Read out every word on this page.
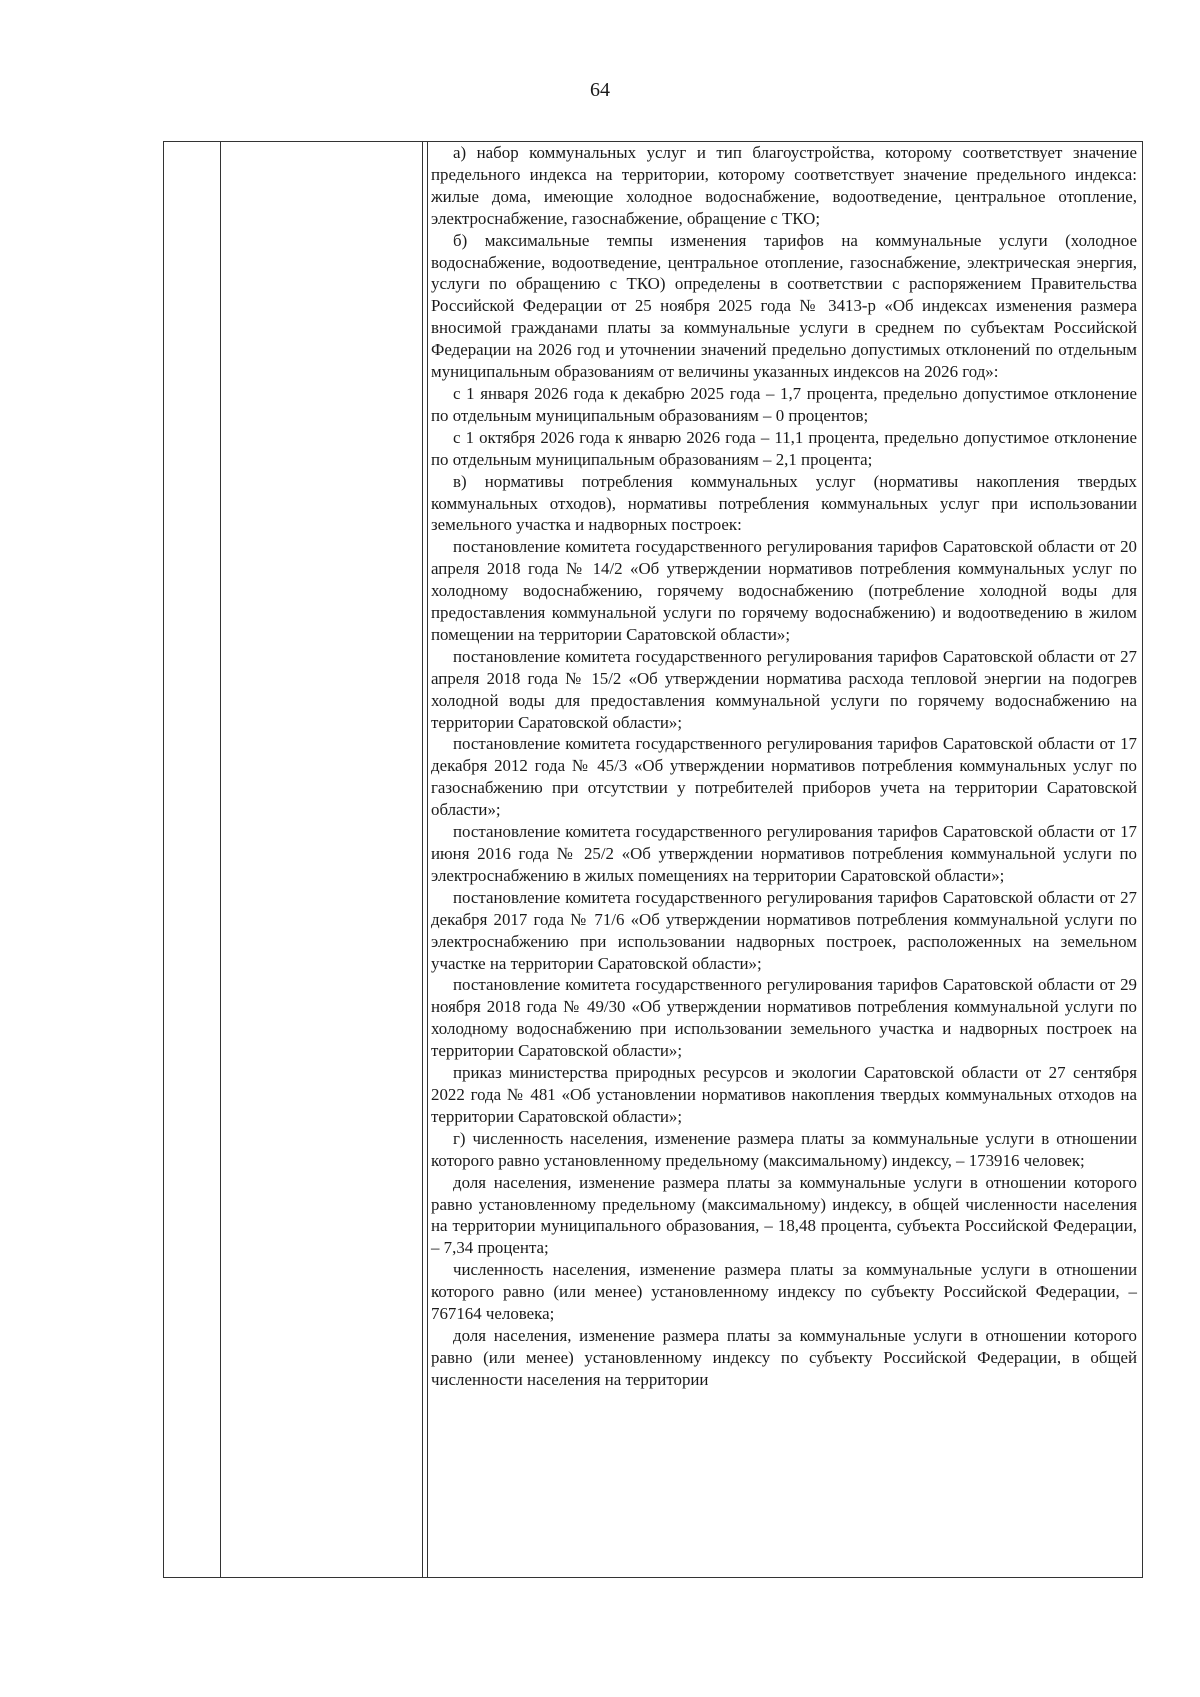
64

а) набор коммунальных услуг и тип благоустройства, которому соответствует значение предельного индекса на территории, которому соответствует значение предельного индекса: жилые дома, имеющие холодное водоснабжение, водоотведение, центральное отопление, электроснабжение, газоснабжение, обращение с ТКО;

б) максимальные темпы изменения тарифов на коммунальные услуги (холодное водоснабжение, водоотведение, центральное отопление, газоснабжение, электрическая энергия, услуги по обращению с ТКО) определены в соответствии с распоряжением Правительства Российской Федерации от 25 ноября 2025 года № 3413-р «Об индексах изменения размера вносимой гражданами платы за коммунальные услуги в среднем по субъектам Российской Федерации на 2026 год и уточнении значений предельно допустимых отклонений по отдельным муниципальным образованиям от величины указанных индексов на 2026 год»:

с 1 января 2026 года к декабрю 2025 года – 1,7 процента, предельно допустимое отклонение по отдельным муниципальным образованиям – 0 процентов;

с 1 октября 2026 года к январю 2026 года – 11,1 процента, предельно допустимое отклонение по отдельным муниципальным образованиям – 2,1 процента;

в) нормативы потребления коммунальных услуг (нормативы накопления твердых коммунальных отходов), нормативы потребления коммунальных услуг при использовании земельного участка и надворных построек:

постановление комитета государственного регулирования тарифов Саратовской области от 20 апреля 2018 года № 14/2 «Об утверждении нормативов потребления коммунальных услуг по холодному водоснабжению, горячему водоснабжению (потребление холодной воды для предоставления коммунальной услуги по горячему водоснабжению) и водоотведению в жилом помещении на территории Саратовской области»;

постановление комитета государственного регулирования тарифов Саратовской области от 27 апреля 2018 года № 15/2 «Об утверждении норматива расхода тепловой энергии на подогрев холодной воды для предоставления коммунальной услуги по горячему водоснабжению на территории Саратовской области»;

постановление комитета государственного регулирования тарифов Саратовской области от 17 декабря 2012 года № 45/3 «Об утверждении нормативов потребления коммунальных услуг по газоснабжению при отсутствии у потребителей приборов учета на территории Саратовской области»;

постановление комитета государственного регулирования тарифов Саратовской области от 17 июня 2016 года № 25/2 «Об утверждении нормативов потребления коммунальной услуги по электроснабжению в жилых помещениях на территории Саратовской области»;

постановление комитета государственного регулирования тарифов Саратовской области от 27 декабря 2017 года № 71/6 «Об утверждении нормативов потребления коммунальной услуги по электроснабжению при использовании надворных построек, расположенных на земельном участке на территории Саратовской области»;

постановление комитета государственного регулирования тарифов Саратовской области от 29 ноября 2018 года № 49/30 «Об утверждении нормативов потребления коммунальной услуги по холодному водоснабжению при использовании земельного участка и надворных построек на территории Саратовской области»;

приказ министерства природных ресурсов и экологии Саратовской области от 27 сентября 2022 года № 481 «Об установлении нормативов накопления твердых коммунальных отходов на территории Саратовской области»;

г) численность населения, изменение размера платы за коммунальные услуги в отношении которого равно установленному предельному (максимальному) индексу, – 173916 человек;

доля населения, изменение размера платы за коммунальные услуги в отношении которого равно установленному предельному (максимальному) индексу, в общей численности населения на территории муниципального образования, – 18,48 процента, субъекта Российской Федерации, – 7,34 процента;

численность населения, изменение размера платы за коммунальные услуги в отношении которого равно (или менее) установленному индексу по субъекту Российской Федерации, – 767164 человека;

доля населения, изменение размера платы за коммунальные услуги в отношении которого равно (или менее) установленному индексу по субъекту Российской Федерации, в общей численности населения на территории
